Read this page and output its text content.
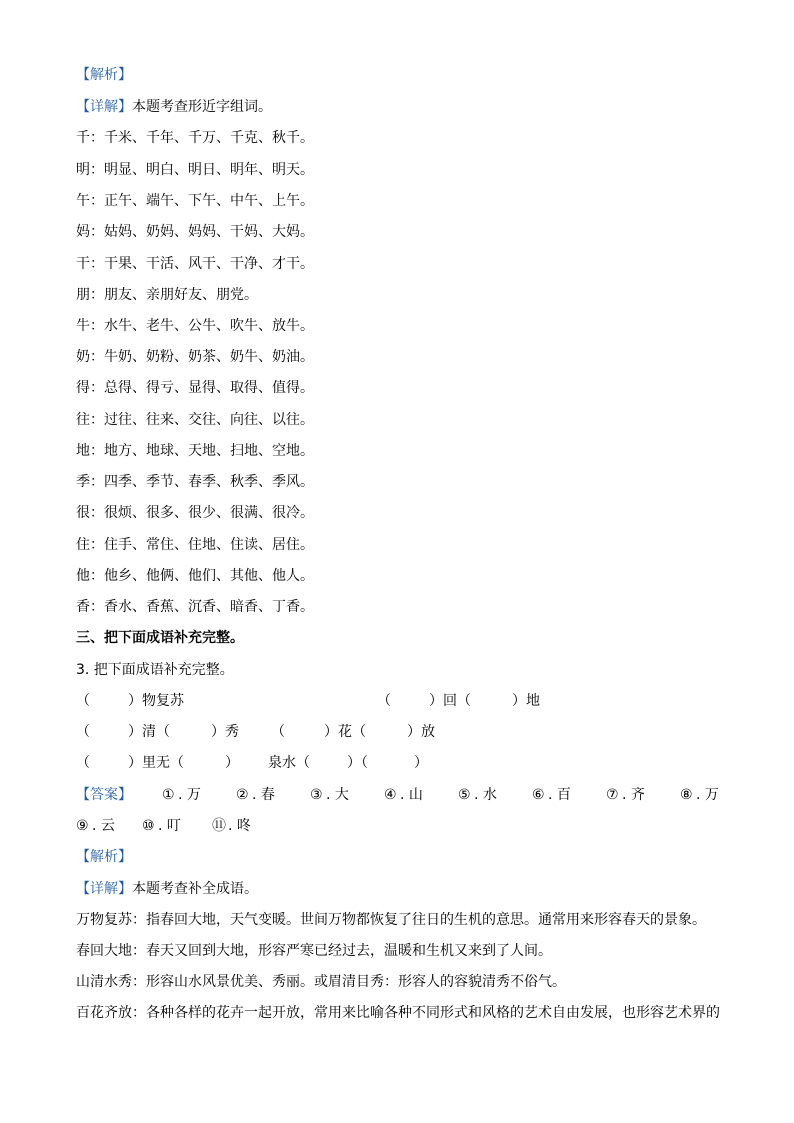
【解析】
【详解】本题考查形近字组词。
千：千米、千年、千万、千克、秋千。
明：明显、明白、明日、明年、明天。
午：正午、端午、下午、中午、上午。
妈：姑妈、奶妈、妈妈、干妈、大妈。
干：干果、干活、风干、干净、才干。
朋：朋友、亲朋好友、朋党。
牛：水牛、老牛、公牛、吹牛、放牛。
奶：牛奶、奶粉、奶茶、奶牛、奶油。
得：总得、得亏、显得、取得、值得。
往：过往、往来、交往、向往、以往。
地：地方、地球、天地、扫地、空地。
季：四季、季节、春季、秋季、季风。
很：很烦、很多、很少、很满、很冷。
住：住手、常住、住地、住读、居住。
他：他乡、他俩、他们、其他、他人。
香：香水、香蕉、沉香、暗香、丁香。
三、把下面成语补充完整。
3. 把下面成语补充完整。
（	）物复苏	（	）回（	）地
（	）清（	）秀 （	）花（	）放
（	）里无（	） 泉水（	）（	）
【答案】 ① . 万	② . 春	③ . 大	④ . 山	⑤ . 水	⑥ . 百	⑦ . 齐	⑧ . 万
⑨ . 云 ⑩ . 叮 ⑪ . 咚
【解析】
【详解】本题考查补全成语。
万物复苏：指春回大地，天气变暖。世间万物都恢复了往日的生机的意思。通常用来形容春天的景象。
春回大地：春天又回到大地，形容严寒已经过去，温暖和生机又来到了人间。
山清水秀：形容山水风景优美、秀丽。或眉清目秀：形容人的容貌清秀不俗气。
百花齐放：各种各样的花卉一起开放，常用来比喻各种不同形式和风格的艺术自由发展，也形容艺术界的
